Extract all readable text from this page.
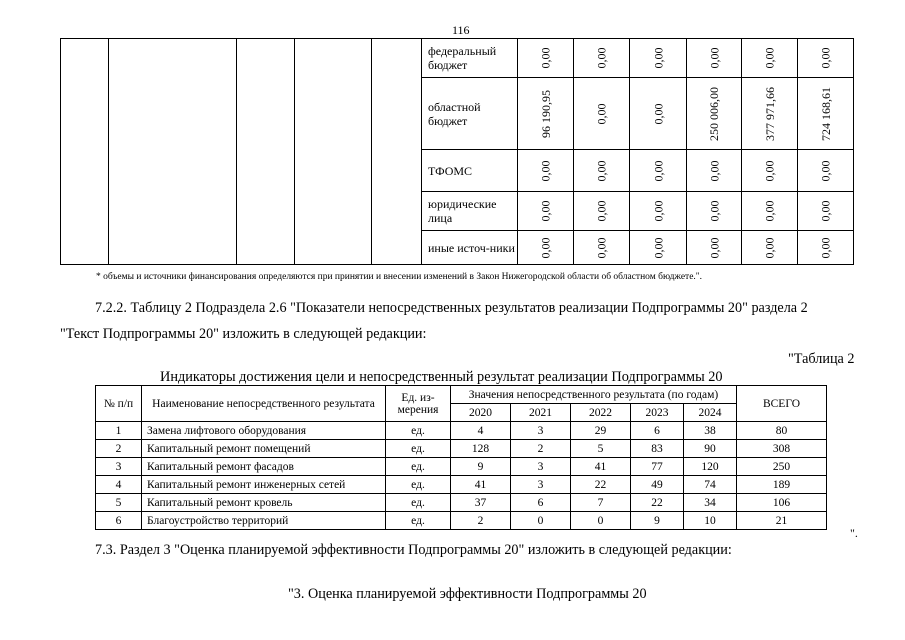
116
					федеральный бюджет	0,00	0,00	0,00	0,00	0,00	0,00
					областной бюджет	96 190,95	0,00	0,00	250 006,00	377 971,66	724 168,61
					ТФОМС	0,00	0,00	0,00	0,00	0,00	0,00
					юридические лица	0,00	0,00	0,00	0,00	0,00	0,00
					иные источ-ники	0,00	0,00	0,00	0,00	0,00	0,00
* объемы и источники финансирования определяются при принятии и внесении изменений в Закон Нижегородской области об областном бюджете.".
7.2.2. Таблицу 2 Подраздела 2.6 "Показатели непосредственных результатов реализации Подпрограммы 20" раздела 2
"Текст Подпрограммы 20" изложить в следующей редакции:
"Таблица 2
Индикаторы достижения цели и непосредственный результат реализации Подпрограммы 20
№ п/п	Наименование непосредственного результата	Ед. из-мерения	Значения непосредственного результата (по годам)					ВСЕГО
			2020	2021	2022	2023	2024	
1	Замена лифтового оборудования	ед.	4	3	29	6	38	80
2	Капитальный ремонт помещений	ед.	128	2	5	83	90	308
3	Капитальный ремонт фасадов	ед.	9	3	41	77	120	250
4	Капитальный ремонт инженерных сетей	ед.	41	3	22	49	74	189
5	Капитальный ремонт кровель	ед.	37	6	7	22	34	106
6	Благоустройство территорий	ед.	2	0	0	9	10	21
".
7.3. Раздел 3 "Оценка планируемой эффективности Подпрограммы 20" изложить в следующей редакции:
"3. Оценка планируемой эффективности Подпрограммы 20
